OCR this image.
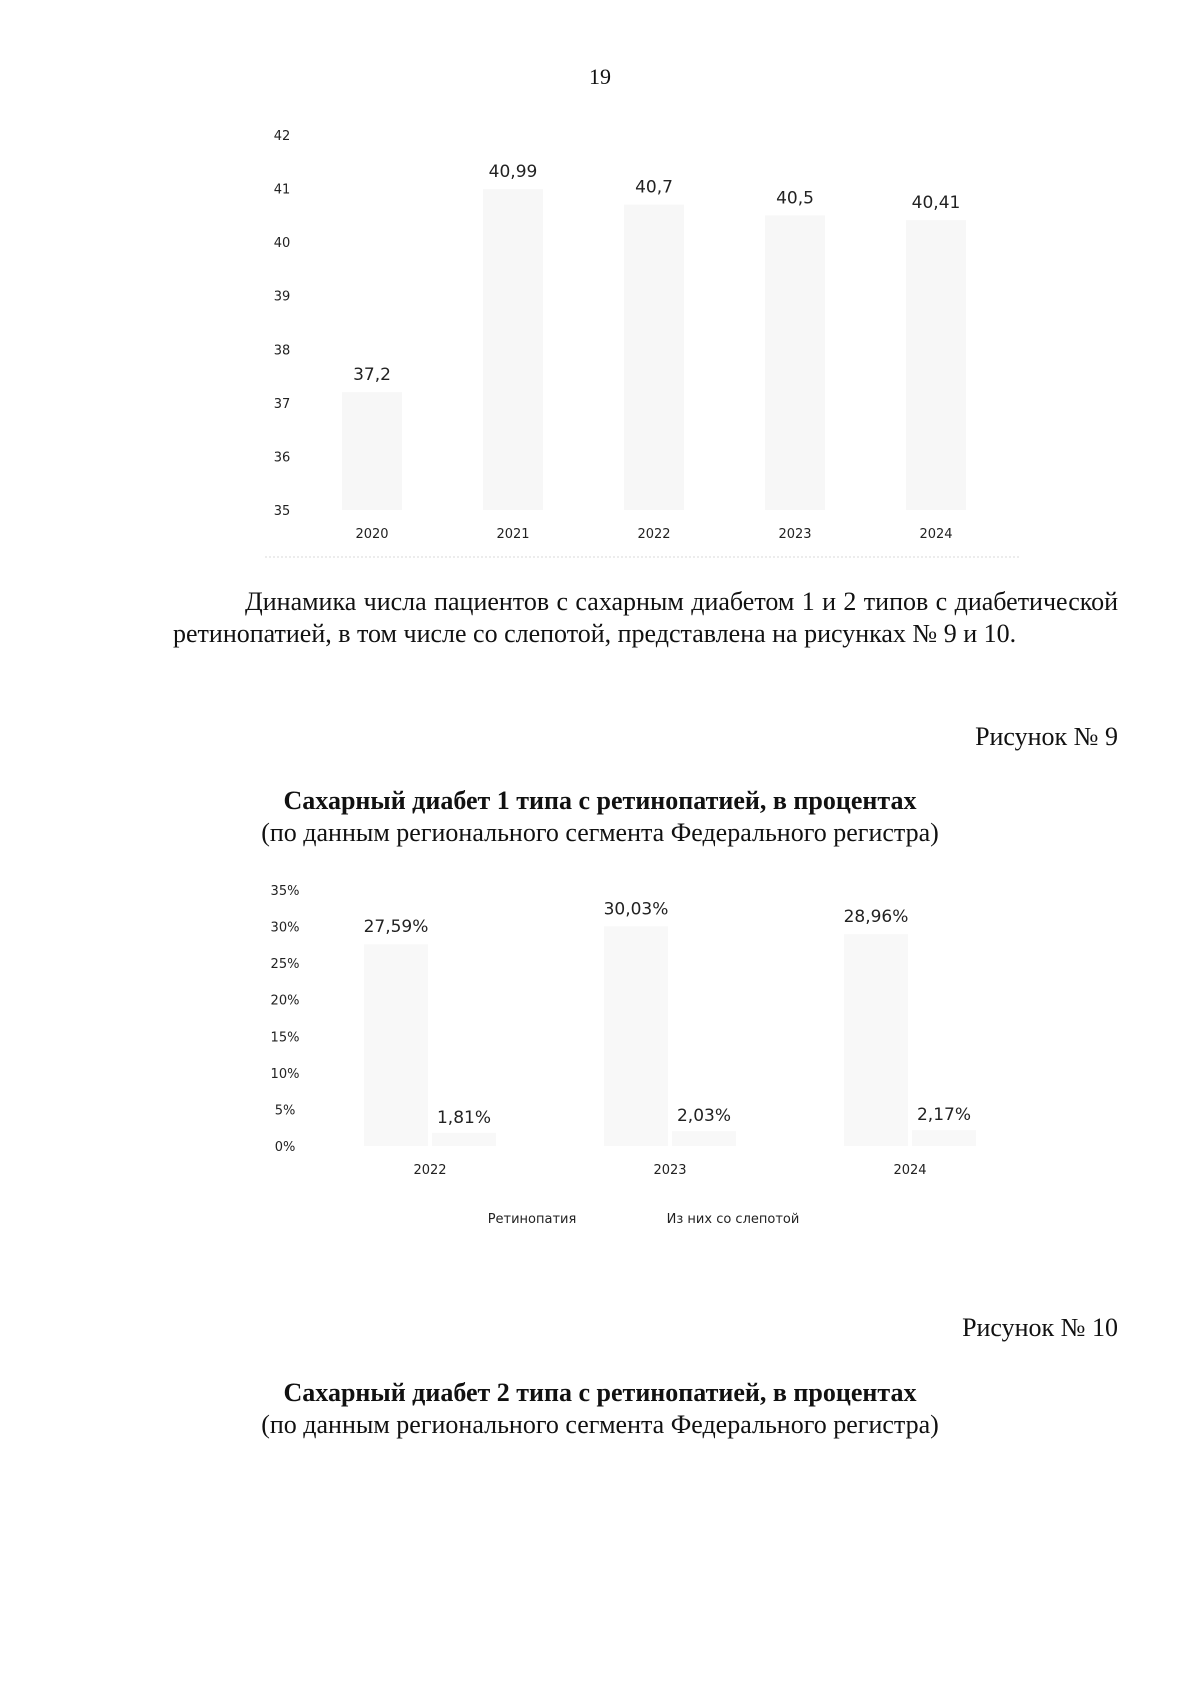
19
35
36
37
38
39
40
41
42
37,2
2020
40,99
2021
40,7
2022
40,5
2023
40,41
2024

Динамика числа пациентов с сахарным диабетом 1 и 2 типов с диабетической ретинопатией, в том числе со слепотой, представлена на рисунках № 9 и 10.

Рисунок № 9
Сахарный диабет 1 типа с ретинопатией, в процентах
(по данным регионального сегмента Федерального регистра)
0%
5%
10%
15%
20%
25%
30%
35%
27,59%
1,81%
2022
30,03%
2,03%
2023
28,96%
2,17%
2024
Ретинопатия	Из них со слепотой
Рисунок № 10
Сахарный диабет 2 типа с ретинопатией, в процентах
(по данным регионального сегмента Федерального регистра)
